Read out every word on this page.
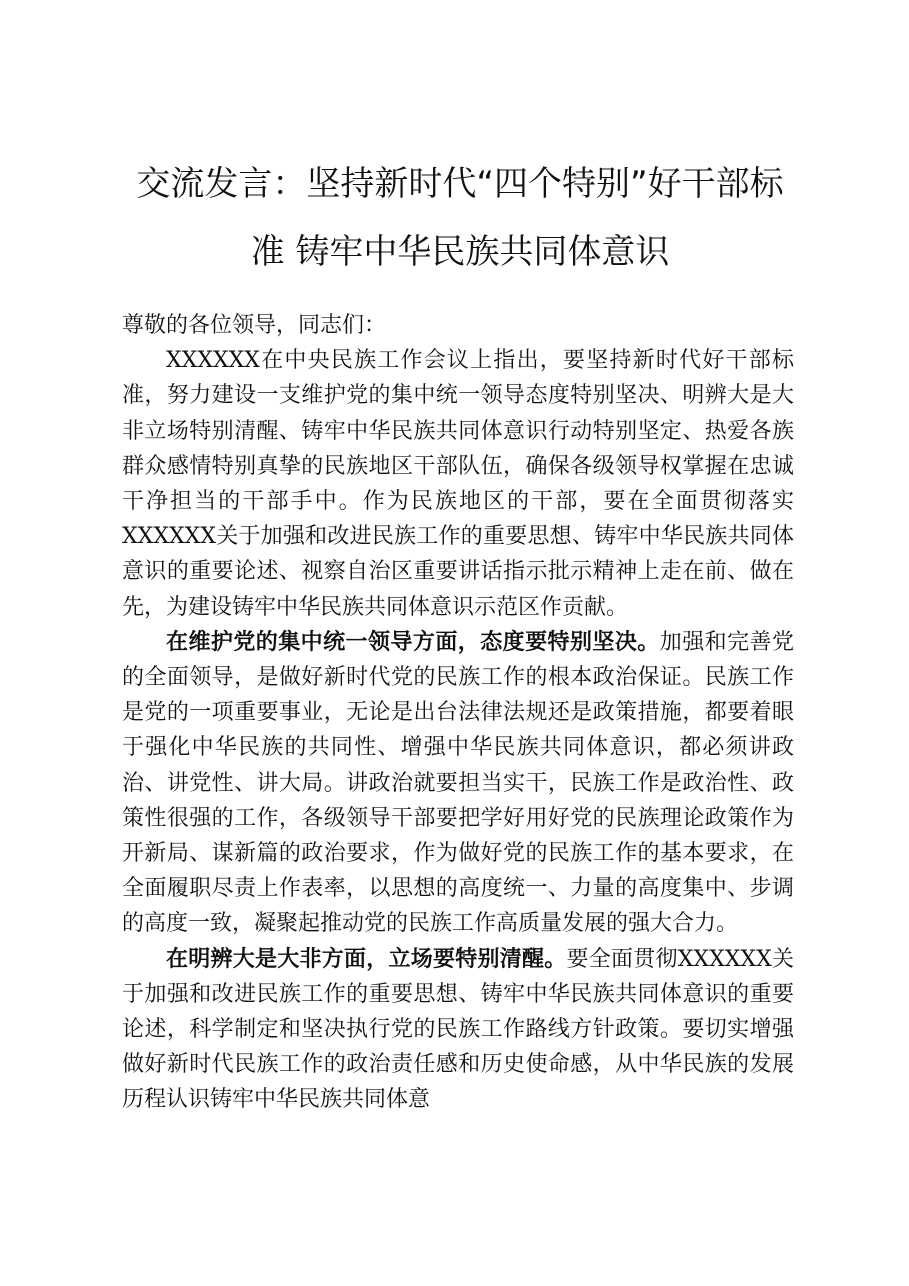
交流发言：坚持新时代“四个特别”好干部标
准 铸牢中华民族共同体意识

尊敬的各位领导，同志们：

XXXXXX在中央民族工作会议上指出，要坚持新时代好干部标准，努力建设一支维护党的集中统一领导态度特别坚决、明辨大是大非立场特别清醒、铸牢中华民族共同体意识行动特别坚定、热爱各族群众感情特别真挚的民族地区干部队伍，确保各级领导权掌握在忠诚干净担当的干部手中。作为民族地区的干部，要在全面贯彻落实XXXXXX关于加强和改进民族工作的重要思想、铸牢中华民族共同体意识的重要论述、视察自治区重要讲话指示批示精神上走在前、做在先，为建设铸牢中华民族共同体意识示范区作贡献。

在维护党的集中统一领导方面，态度要特别坚决。加强和完善党的全面领导，是做好新时代党的民族工作的根本政治保证。民族工作是党的一项重要事业，无论是出台法律法规还是政策措施，都要着眼于强化中华民族的共同性、增强中华民族共同体意识，都必须讲政治、讲党性、讲大局。讲政治就要担当实干，民族工作是政治性、政策性很强的工作，各级领导干部要把学好用好党的民族理论政策作为开新局、谋新篇的政治要求，作为做好党的民族工作的基本要求，在全面履职尽责上作表率，以思想的高度统一、力量的高度集中、步调的高度一致，凝聚起推动党的民族工作高质量发展的强大合力。

在明辨大是大非方面，立场要特别清醒。要全面贯彻XXXXXX关于加强和改进民族工作的重要思想、铸牢中华民族共同体意识的重要论述，科学制定和坚决执行党的民族工作路线方针政策。要切实增强做好新时代民族工作的政治责任感和历史使命感，从中华民族的发展历程认识铸牢中华民族共同体意
